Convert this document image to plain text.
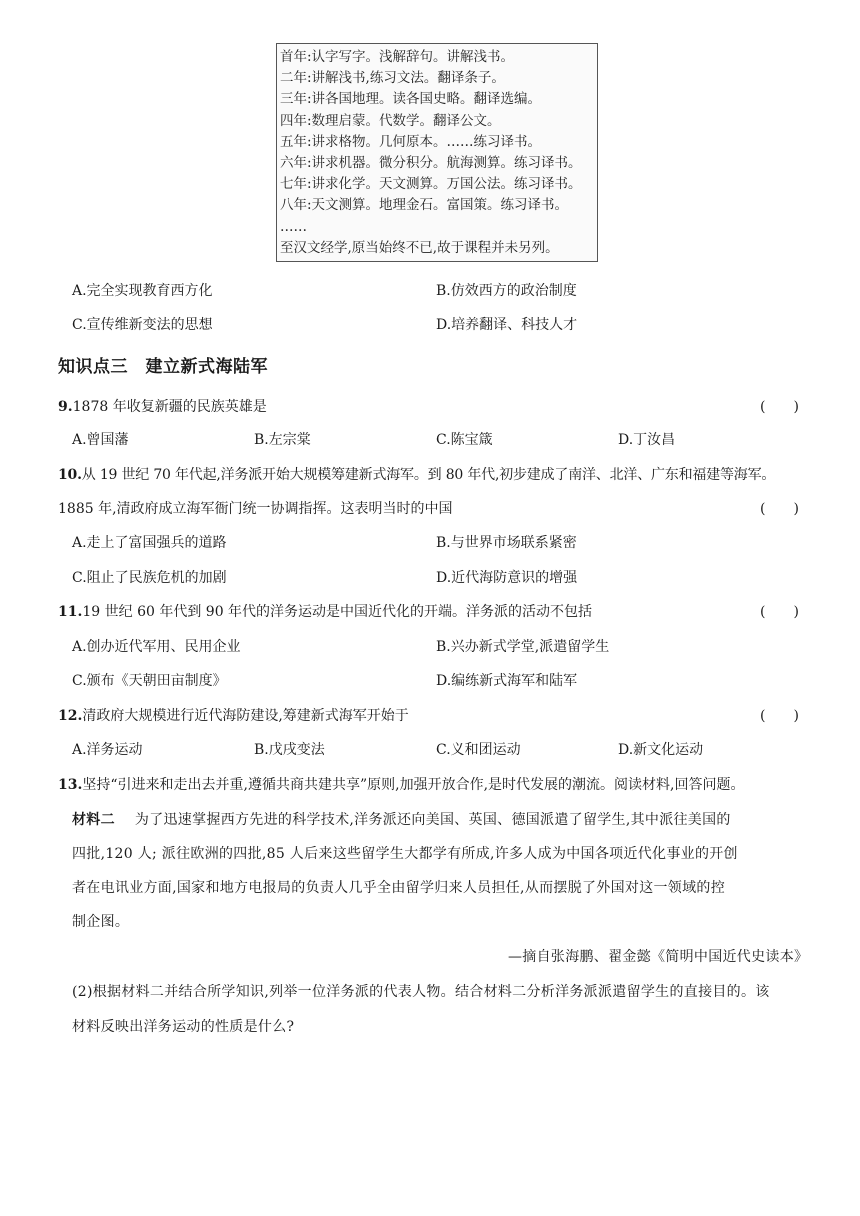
首年:认字写字。浅解辞句。讲解浅书。
二年:讲解浅书,练习文法。翻译条子。
三年:讲各国地理。读各国史略。翻译选编。
四年:数理启蒙。代数学。翻译公文。
五年:讲求格物。几何原本。……练习译书。
六年:讲求机器。微分积分。航海测算。练习译书。
七年:讲求化学。天文测算。万国公法。练习译书。
八年:天文测算。地理金石。富国策。练习译书。
……
至汉文经学,原当始终不已,故于课程并未另列。
A.完全实现教育西方化	B.仿效西方的政治制度
C.宣传维新变法的思想	D.培养翻译、科技人才
知识点三　建立新式海陆军
9.1878 年收复新疆的民族英雄是	(　　)
A.曾国藩	B.左宗棠	C.陈宝箴	D.丁汝昌
10.从 19 世纪 70 年代起,洋务派开始大规模筹建新式海军。到 80 年代,初步建成了南洋、北洋、广东和福建等海军。
1885 年,清政府成立海军衙门统一协调指挥。这表明当时的中国	(　　)
A.走上了富国强兵的道路	B.与世界市场联系紧密
C.阻止了民族危机的加剧	D.近代海防意识的增强
11.19 世纪 60 年代到 90 年代的洋务运动是中国近代化的开端。洋务派的活动不包括	(　　)
A.创办近代军用、民用企业	B.兴办新式学堂,派遣留学生
C.颁布《天朝田亩制度》	D.编练新式海军和陆军
12.清政府大规模进行近代海防建设,筹建新式海军开始于	(　　)
A.洋务运动	B.戊戌变法	C.义和团运动	D.新文化运动
13.坚持“引进来和走出去并重,遵循共商共建共享”原则,加强开放合作,是时代发展的潮流。阅读材料,回答问题。
材料二 为了迅速掌握西方先进的科学技术,洋务派还向美国、英国、德国派遣了留学生,其中派往美国的
四批,120 人; 派往欧洲的四批,85 人后来这些留学生大都学有所成,许多人成为中国各项近代化事业的开创
者在电讯业方面,国家和地方电报局的负责人几乎全由留学归来人员担任,从而摆脱了外国对这一领域的控
制企图。
—摘自张海鹏、翟金懿《简明中国近代史读本》
(2)根据材料二并结合所学知识,列举一位洋务派的代表人物。结合材料二分析洋务派派遣留学生的直接目的。该
材料反映出洋务运动的性质是什么?
